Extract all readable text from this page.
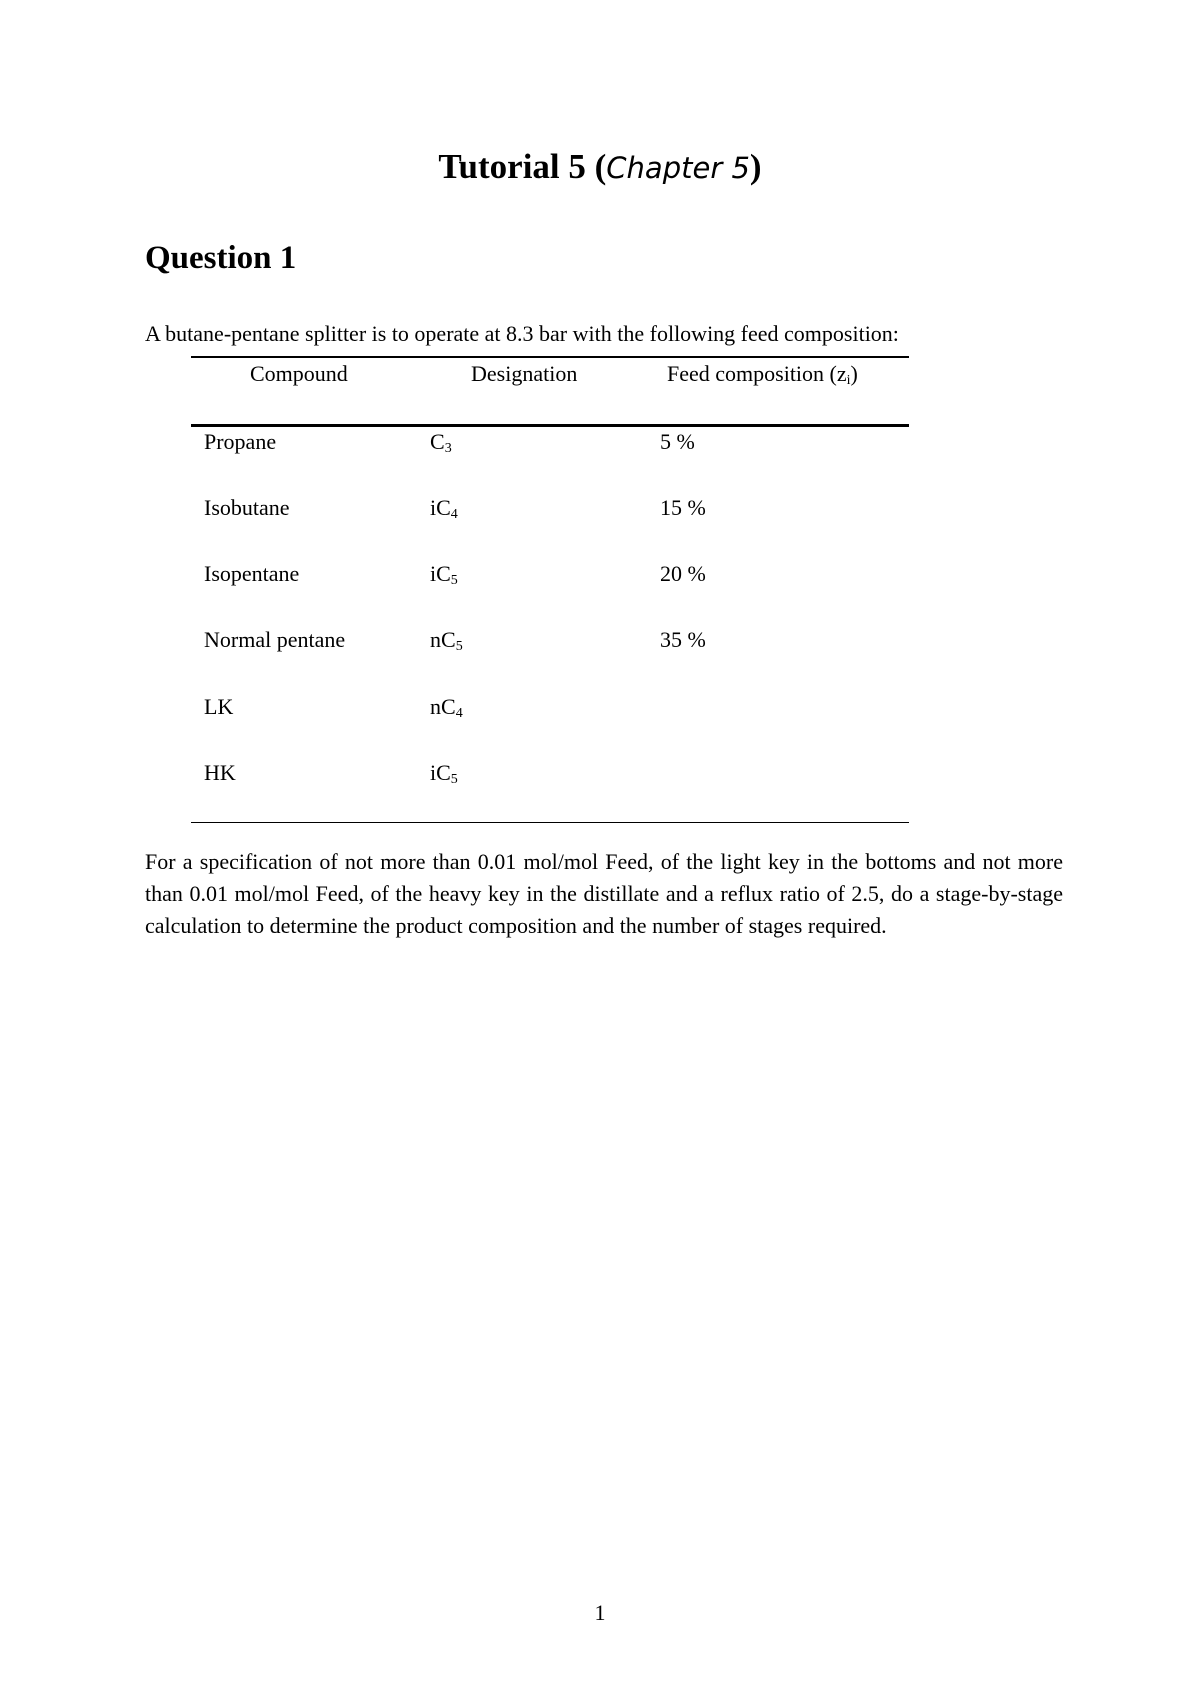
Tutorial 5 (Chapter 5)
Question 1
A butane-pentane splitter is to operate at 8.3 bar with the following feed composition:
Compound	Designation	Feed composition $(z_i)$
Propane	$C_3$	5 %
Isobutane	$iC_4$	15 %
Isopentane	$iC_5$	20 %
Normal pentane	$nC_5$	35 %
LK	$nC_4$
HK	$iC_5$
For a specification of not more than 0.01 mol/mol Feed, of the light key in the bottoms and not more than 0.01 mol/mol Feed, of the heavy key in the distillate and a reflux ratio of 2.5, do a stage-by-stage calculation to determine the product composition and the number of stages required.
1
